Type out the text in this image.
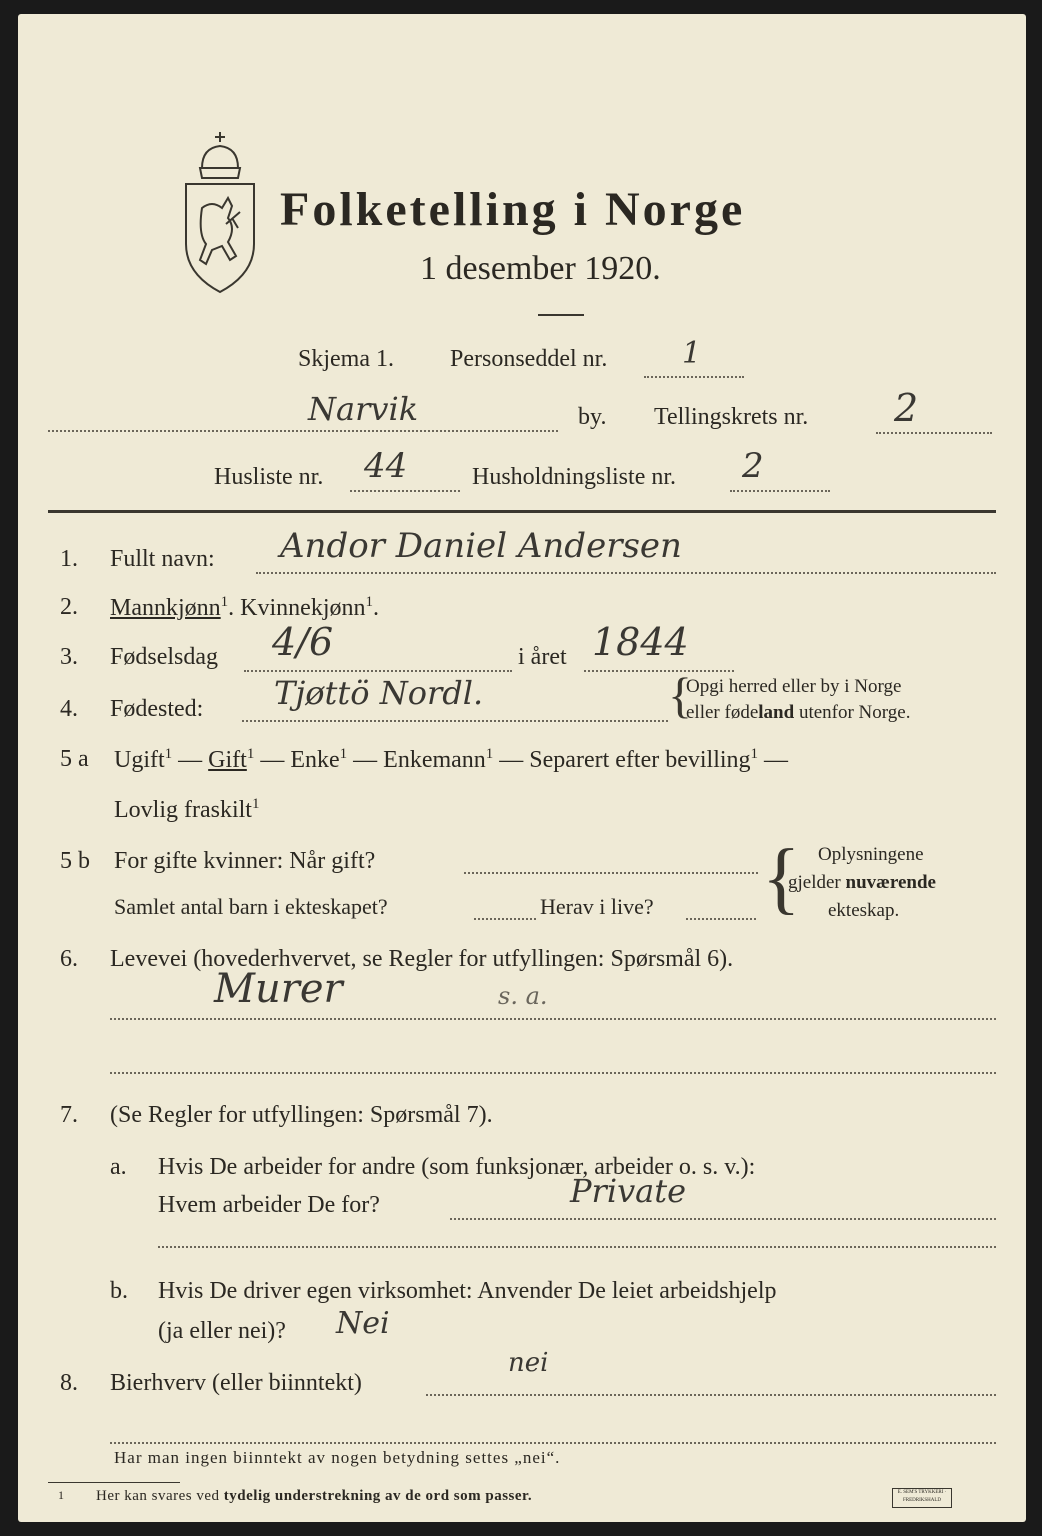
Folketelling i Norge
1 desember 1920.
Skjema 1. Personseddel nr. 1
Narvik	by. Tellingskrets nr. 2
Husliste nr. 44	Husholdningsliste nr. 2
1. Fullt navn: Andor Daniel Andersen
2. Mannkjønn$^1$. Kvinnekjønn$^1$.
3. Fødselsdag 4/6	i året 1844
4. Fødested: Tjøttö Nordl.	{
Opgi herred eller by i Norge
eller fødeland utenfor Norge.
5 a Ugift$^1$ — Gift$^1$ — Enke$^1$ — Enkemann$^1$ — Separert efter bevilling$^1$ —
Lovlig fraskilt$^1$
5 b For gifte kvinner: Når gift?
Samlet antal barn i ekteskapet?	Herav i live? { Oplysningene
gjelder nuværende
ekteskap.
6. Levevei (hovederhvervet, se Regler for utfyllingen: Spørsmål 6).
Murer	s. a.
7. (Se Regler for utfyllingen: Spørsmål 7).
a. Hvis De arbeider for andre (som funksjonær, arbeider o. s. v.):
Hvem arbeider De for?	Private
b. Hvis De driver egen virksomhet: Anvender De leiet arbeidshjelp
(ja eller nei)? Nei
8. Bierhverv (eller biinntekt)
nei
Har man ingen biinntekt av nogen betydning settes „nei“.
1 Her kan svares ved tydelig understrekning av de ord som passer.	E. SEM'S TRYKKERI · FREDRIKSHALD
